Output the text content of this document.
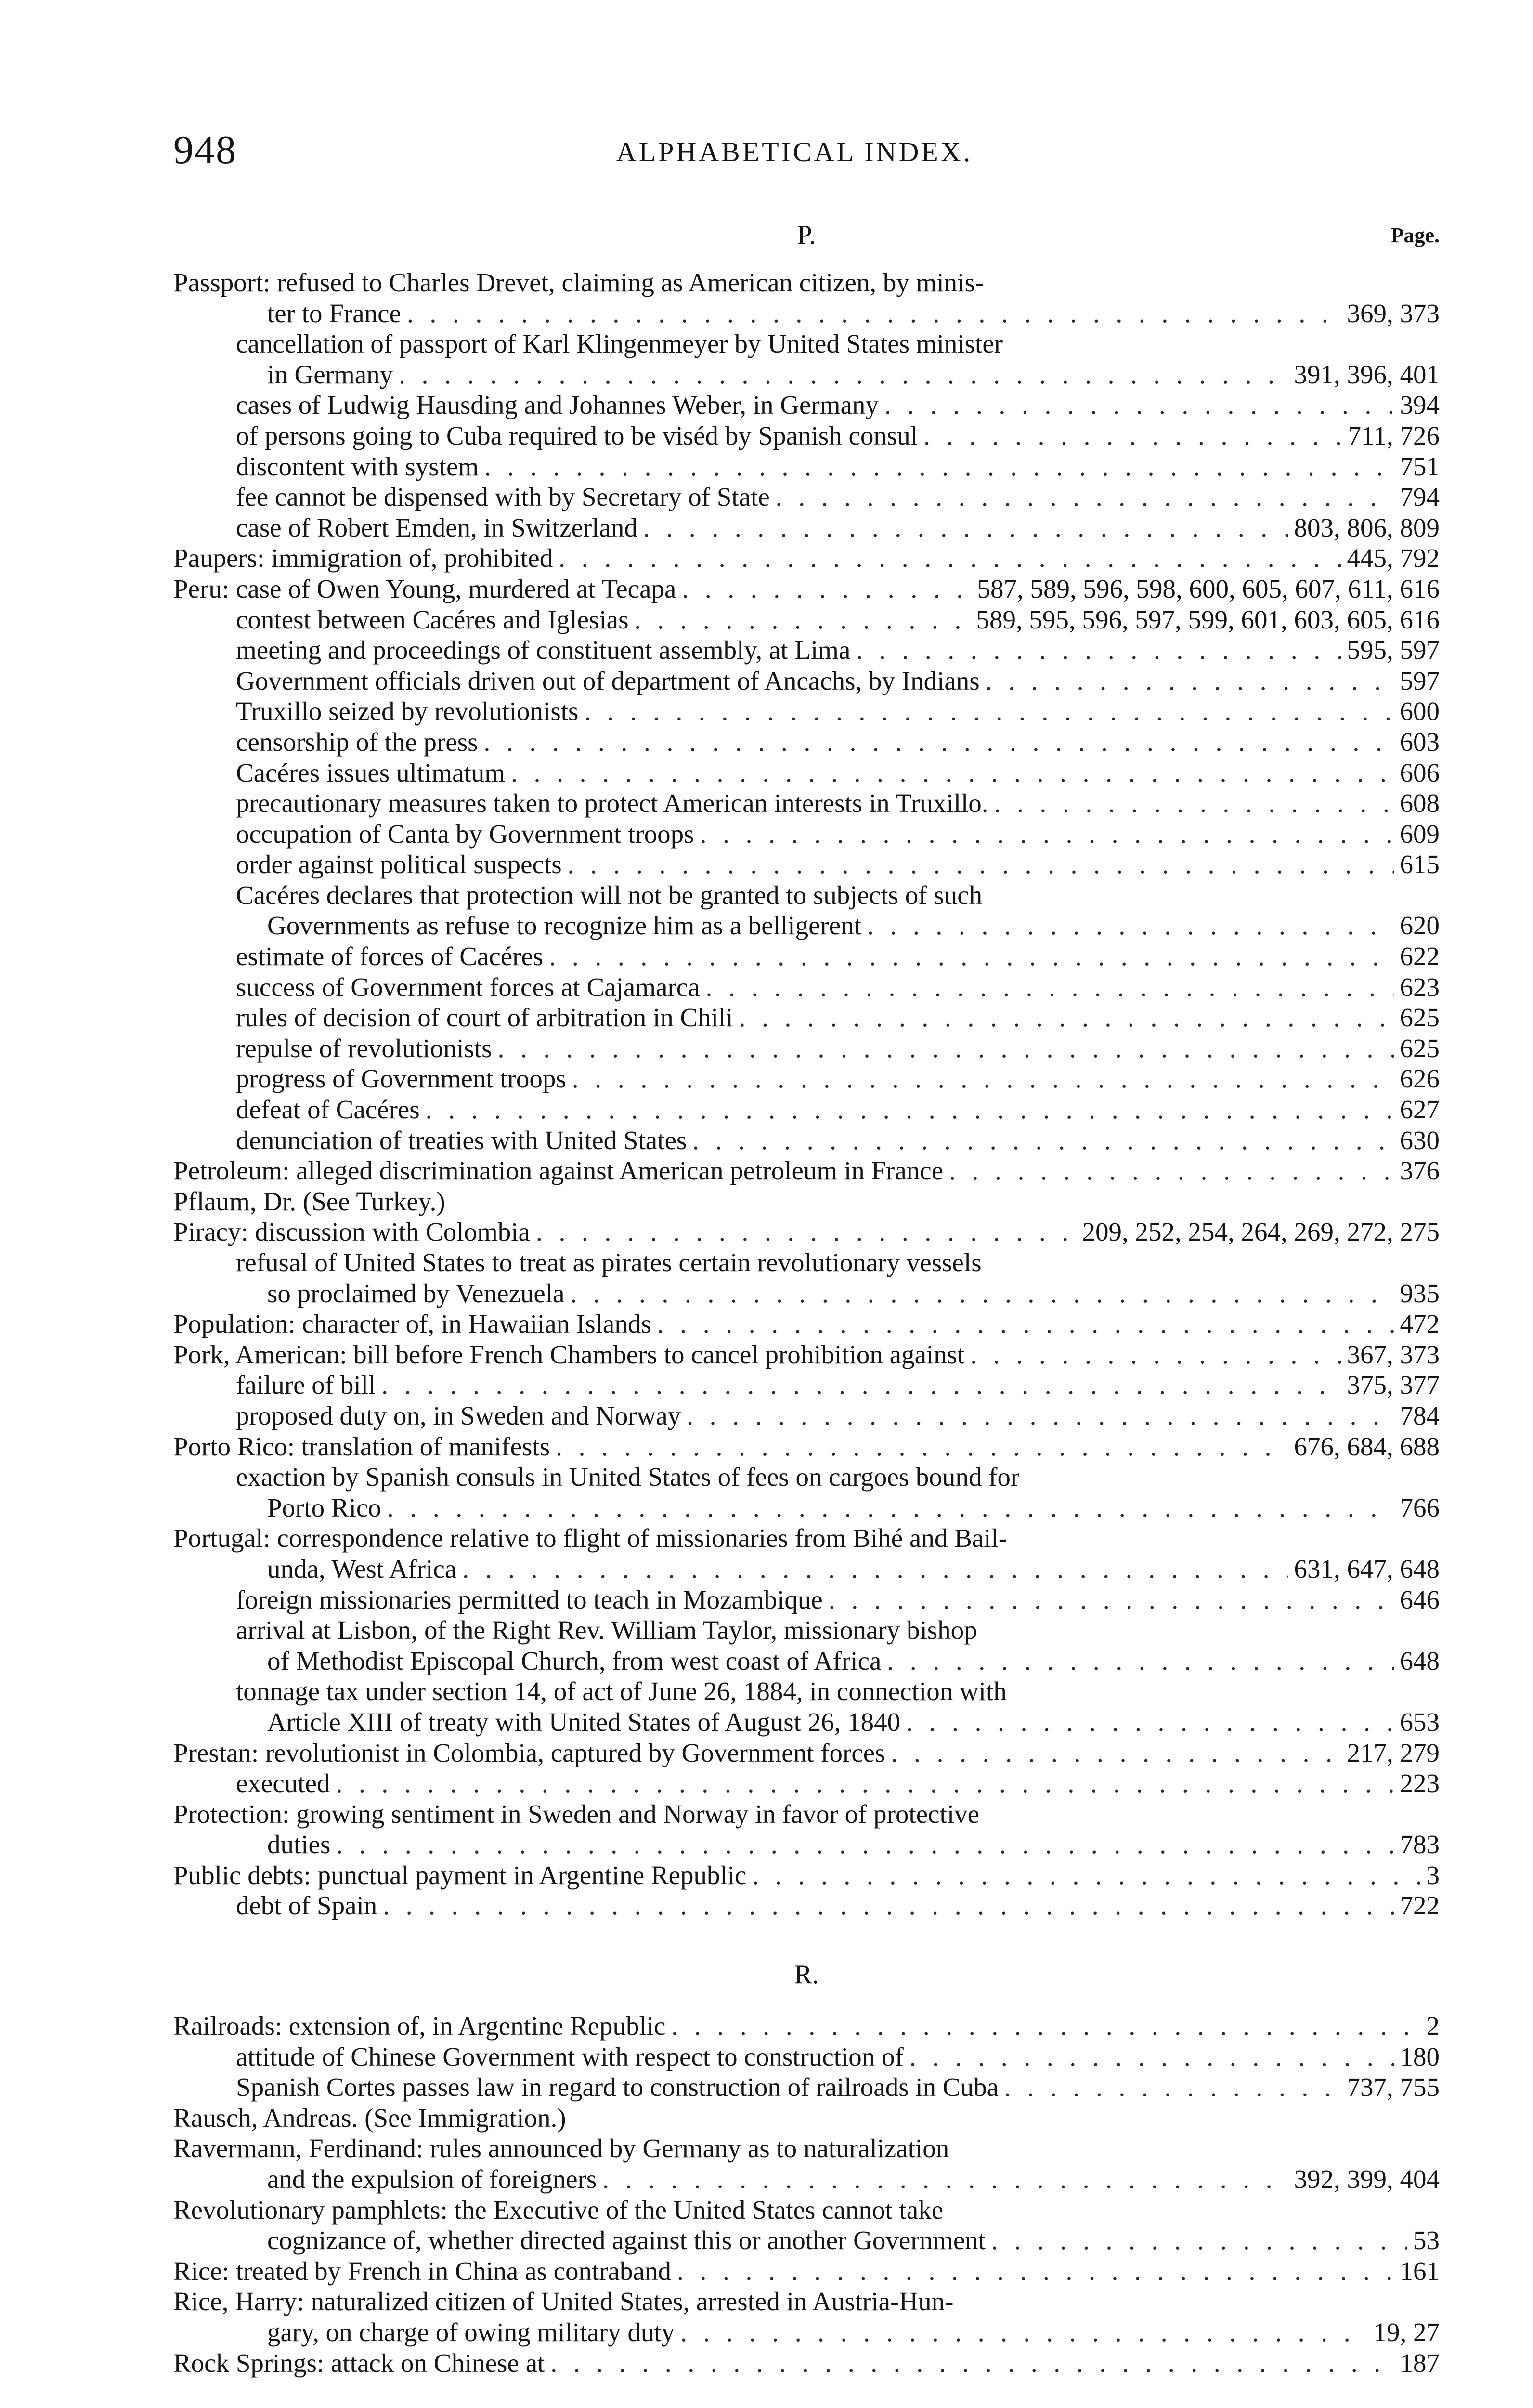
948	ALPHABETICAL INDEX.
P.	Page.
Passport: refused to Charles Drevet, claiming as American citizen, by minis-
ter to France . . .	369, 373
cancellation of passport of Karl Klingenmeyer by United States minister
in Germany . . .	391, 396, 401
cases of Ludwig Hausding and Johannes Weber, in Germany . . .	394
of persons going to Cuba required to be viséd by Spanish consul . . .	711, 726
discontent with system . . .	751
fee cannot be dispensed with by Secretary of State . . .	794
case of Robert Emden, in Switzerland . . .	803, 806, 809
Paupers: immigration of, prohibited . . .	445, 792
Peru: case of Owen Young, murdered at Tecapa . . .	587, 589, 596, 598, 600, 605, 607, 611, 616
contest between Cacéres and Iglesias . . .	589, 595, 596, 597, 599, 601, 603, 605, 616
meeting and proceedings of constituent assembly, at Lima . . .	595, 597
Government officials driven out of department of Ancachs, by Indians . . .	597
Truxillo seized by revolutionists . . .	600
censorship of the press . . .	603
Cacéres issues ultimatum . . .	606
precautionary measures taken to protect American interests in Truxillo. . . .	608
occupation of Canta by Government troops . . .	609
order against political suspects . . .	615
Cacéres declares that protection will not be granted to subjects of such
Governments as refuse to recognize him as a belligerent . . .	620
estimate of forces of Cacéres . . .	622
success of Government forces at Cajamarca . . .	623
rules of decision of court of arbitration in Chili . . .	625
repulse of revolutionists . . .	625
progress of Government troops . . .	626
defeat of Cacéres . . .	627
denunciation of treaties with United States . . .	630
Petroleum: alleged discrimination against American petroleum in France . . .	376
Pflaum, Dr. (See Turkey.)
Piracy: discussion with Colombia . . .	209, 252, 254, 264, 269, 272, 275
refusal of United States to treat as pirates certain revolutionary vessels
so proclaimed by Venezuela . . .	935
Population: character of, in Hawaiian Islands . . .	472
Pork, American: bill before French Chambers to cancel prohibition against . . .	367, 373
failure of bill . . .	375, 377
proposed duty on, in Sweden and Norway . . .	784
Porto Rico: translation of manifests . . .	676, 684, 688
exaction by Spanish consuls in United States of fees on cargoes bound for
Porto Rico . . .	766
Portugal: correspondence relative to flight of missionaries from Bihé and Bail-
unda, West Africa . . .	631, 647, 648
foreign missionaries permitted to teach in Mozambique . . .	646
arrival at Lisbon, of the Right Rev. William Taylor, missionary bishop
of Methodist Episcopal Church, from west coast of Africa . . .	648
tonnage tax under section 14, of act of June 26, 1884, in connection with
Article XIII of treaty with United States of August 26, 1840 . . .	653
Prestan: revolutionist in Colombia, captured by Government forces . . .	217, 279
executed . . .	223
Protection: growing sentiment in Sweden and Norway in favor of protective
duties . . .	783
Public debts: punctual payment in Argentine Republic . . .	3
debt of Spain . . .	722
R.
Railroads: extension of, in Argentine Republic . . .	2
attitude of Chinese Government with respect to construction of . . .	180
Spanish Cortes passes law in regard to construction of railroads in Cuba . . .	737, 755
Rausch, Andreas. (See Immigration.)
Ravermann, Ferdinand: rules announced by Germany as to naturalization
and the expulsion of foreigners . . .	392, 399, 404
Revolutionary pamphlets: the Executive of the United States cannot take
cognizance of, whether directed against this or another Government . . .	53
Rice: treated by French in China as contraband . . .	161
Rice, Harry: naturalized citizen of United States, arrested in Austria-Hun-
gary, on charge of owing military duty . . .	19, 27
Rock Springs: attack on Chinese at . . .	187
